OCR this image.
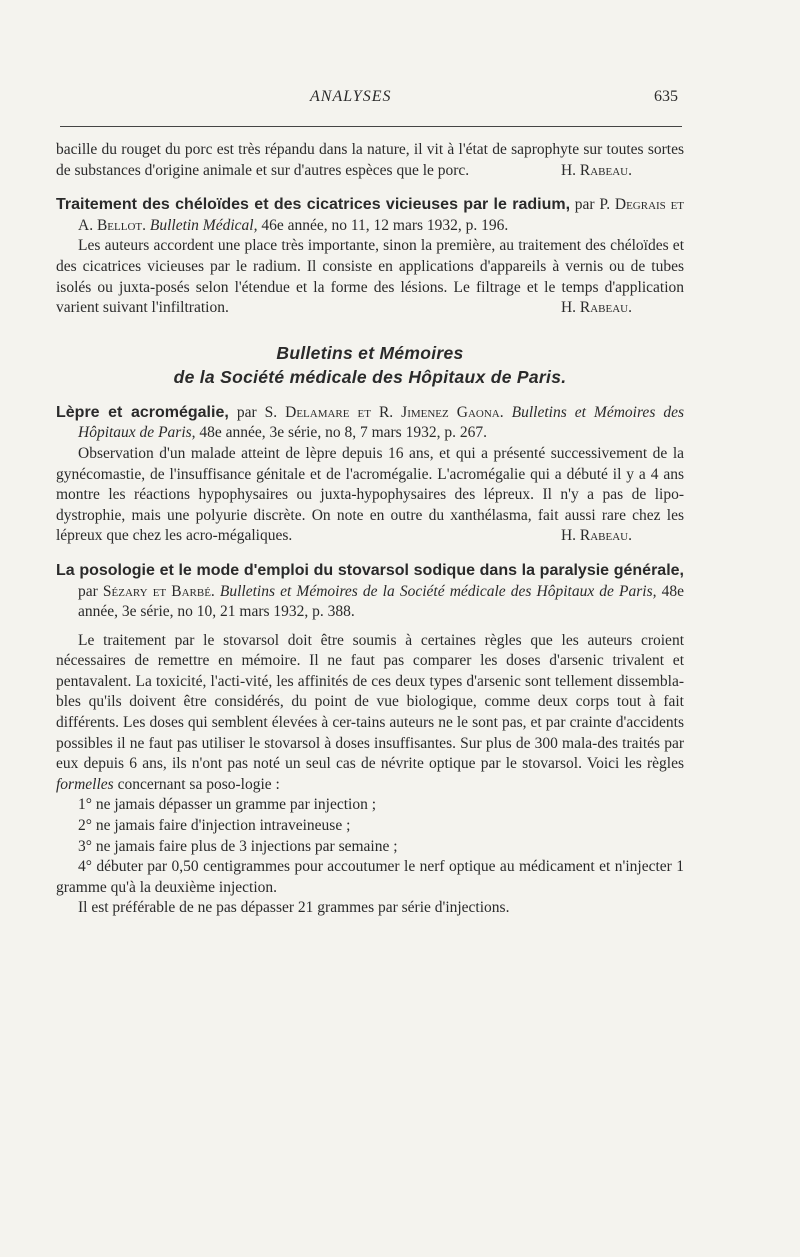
ANALYSES	635

bacille du rouget du porc est très répandu dans la nature, il vit à l'état de saprophyte sur toutes sortes de substances d'origine animale et sur d'autres espèces que le porc.	H. Rabeau.

Traitement des chéloïdes et des cicatrices vicieuses par le radium, par P. Degrais et A. Bellot. Bulletin Médical, 46e année, no 11, 12 mars 1932, p. 196.

Les auteurs accordent une place très importante, sinon la première, au traitement des chéloïdes et des cicatrices vicieuses par le radium. Il consiste en applications d'appareils à vernis ou de tubes isolés ou juxta-posés selon l'étendue et la forme des lésions. Le filtrage et le temps d'application varient suivant l'infiltration.	H. Rabeau.

Bulletins et Mémoires
de la Société médicale des Hôpitaux de Paris.

Lèpre et acromégalie, par S. Delamare et R. Jimenez Gaona. Bulletins et Mémoires des Hôpitaux de Paris, 48e année, 3e série, no 8, 7 mars 1932, p. 267.

Observation d'un malade atteint de lèpre depuis 16 ans, et qui a présenté successivement de la gynécomastie, de l'insuffisance génitale et de l'acromégalie. L'acromégalie qui a débuté il y a 4 ans montre les réactions hypophysaires ou juxta-hypophysaires des lépreux. Il n'y a pas de lipo-dystrophie, mais une polyurie discrète. On note en outre du xanthélasma, fait aussi rare chez les lépreux que chez les acro-mégaliques.	H. Rabeau.

La posologie et le mode d'emploi du stovarsol sodique dans la paralysie générale, par Sézary et Barbé. Bulletins et Mémoires de la Société médicale des Hôpitaux de Paris, 48e année, 3e série, no 10, 21 mars 1932, p. 388.

Le traitement par le stovarsol doit être soumis à certaines règles que les auteurs croient nécessaires de remettre en mémoire. Il ne faut pas comparer les doses d'arsenic trivalent et pentavalent. La toxicité, l'acti-vité, les affinités de ces deux types d'arsenic sont tellement dissembla-bles qu'ils doivent être considérés, du point de vue biologique, comme deux corps tout à fait différents. Les doses qui semblent élevées à cer-tains auteurs ne le sont pas, et par crainte d'accidents possibles il ne faut pas utiliser le stovarsol à doses insuffisantes. Sur plus de 300 mala-des traités par eux depuis 6 ans, ils n'ont pas noté un seul cas de névrite optique par le stovarsol. Voici les règles formelles concernant sa poso-logie :

1° ne jamais dépasser un gramme par injection ;

2° ne jamais faire d'injection intraveineuse ;

3° ne jamais faire plus de 3 injections par semaine ;

4° débuter par 0,50 centigrammes pour accoutumer le nerf optique au médicament et n'injecter 1 gramme qu'à la deuxième injection.

Il est préférable de ne pas dépasser 21 grammes par série d'injections.
